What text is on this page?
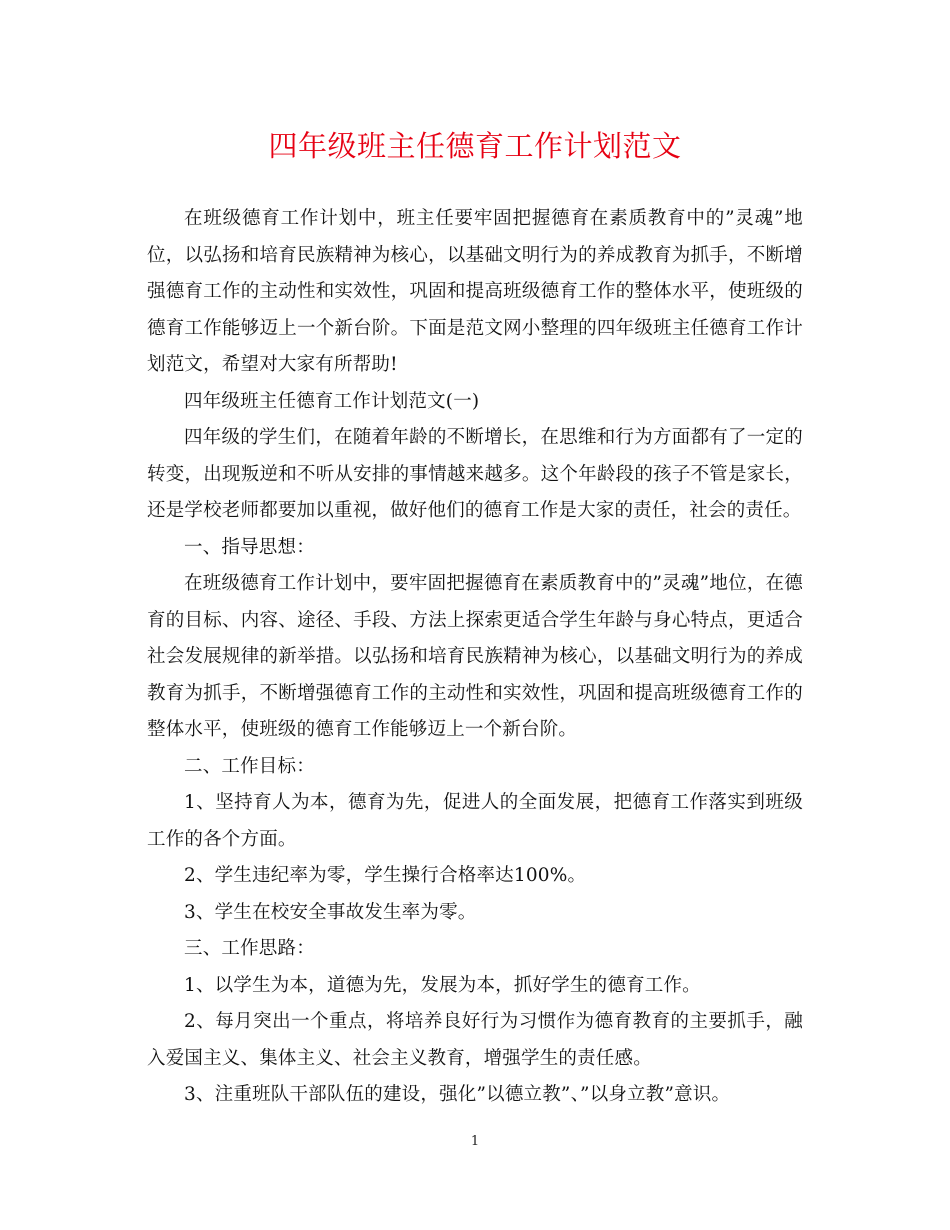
四年级班主任德育工作计划范文

在班级德育工作计划中，班主任要牢固把握德育在素质教育中的”灵魂”地位，以弘扬和培育民族精神为核心，以基础文明行为的养成教育为抓手，不断增强德育工作的主动性和实效性，巩固和提高班级德育工作的整体水平，使班级的德育工作能够迈上一个新台阶。下面是范文网小整理的四年级班主任德育工作计划范文，希望对大家有所帮助!

四年级班主任德育工作计划范文(一)

四年级的学生们，在随着年龄的不断增长，在思维和行为方面都有了一定的转变，出现叛逆和不听从安排的事情越来越多。这个年龄段的孩子不管是家长，还是学校老师都要加以重视，做好他们的德育工作是大家的责任，社会的责任。

一、指导思想：

在班级德育工作计划中，要牢固把握德育在素质教育中的”灵魂”地位，在德育的目标、内容、途径、手段、方法上探索更适合学生年龄与身心特点，更适合社会发展规律的新举措。以弘扬和培育民族精神为核心，以基础文明行为的养成教育为抓手，不断增强德育工作的主动性和实效性，巩固和提高班级德育工作的整体水平，使班级的德育工作能够迈上一个新台阶。

二、工作目标：

1、坚持育人为本，德育为先，促进人的全面发展，把德育工作落实到班级工作的各个方面。

2、学生违纪率为零，学生操行合格率达100%。

3、学生在校安全事故发生率为零。

三、工作思路：

1、以学生为本，道德为先，发展为本，抓好学生的德育工作。

2、每月突出一个重点，将培养良好行为习惯作为德育教育的主要抓手，融入爱国主义、集体主义、社会主义教育，增强学生的责任感。

3、注重班队干部队伍的建设，强化”以德立教”、”以身立教”意识。

1
